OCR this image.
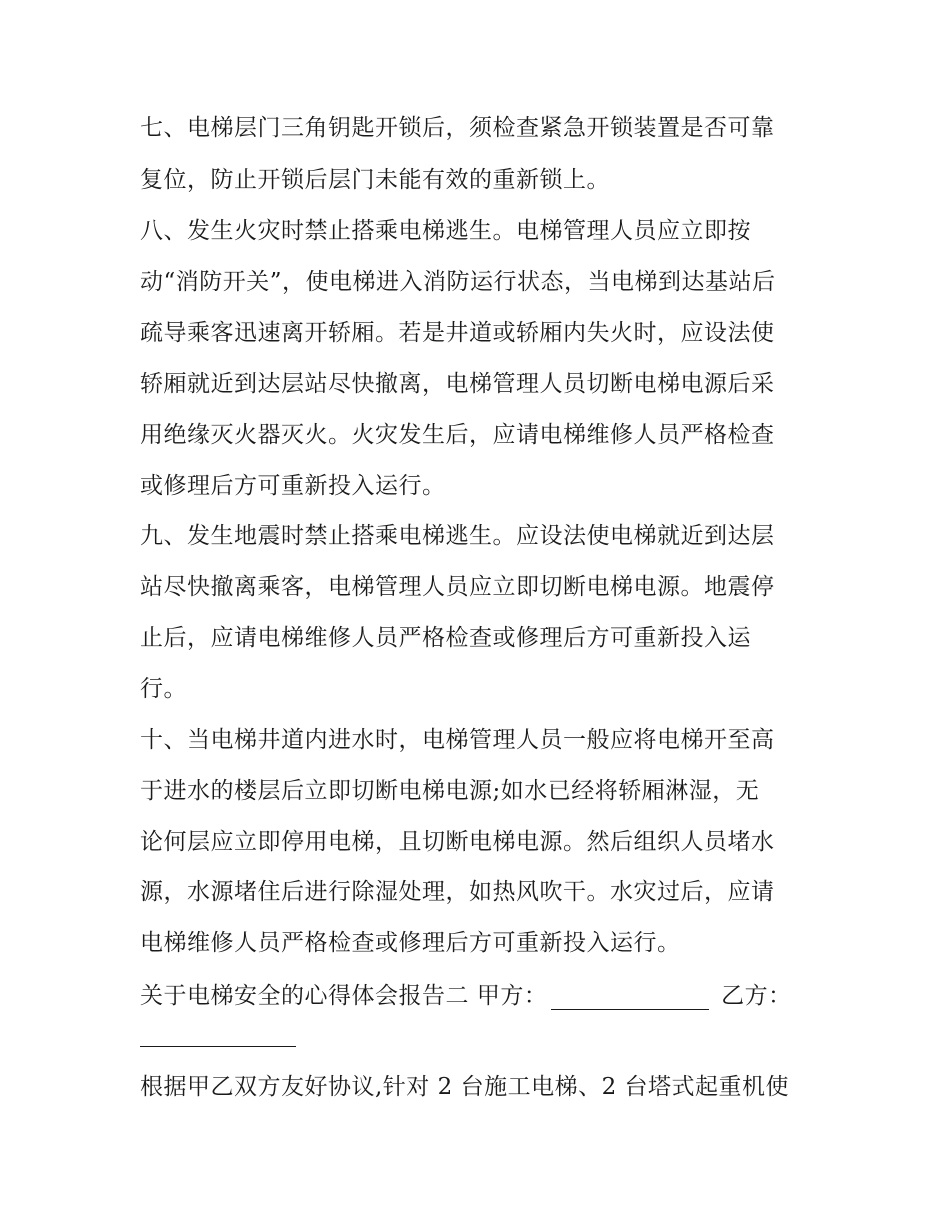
七、电梯层门三角钥匙开锁后，须检查紧急开锁装置是否可靠
复位，防止开锁后层门未能有效的重新锁上。
八、发生火灾时禁止搭乘电梯逃生。电梯管理人员应立即按
动“消防开关”，使电梯进入消防运行状态，当电梯到达基站后
疏导乘客迅速离开轿厢。若是井道或轿厢内失火时，应设法使
轿厢就近到达层站尽快撤离，电梯管理人员切断电梯电源后采
用绝缘灭火器灭火。火灾发生后，应请电梯维修人员严格检查
或修理后方可重新投入运行。
九、发生地震时禁止搭乘电梯逃生。应设法使电梯就近到达层
站尽快撤离乘客，电梯管理人员应立即切断电梯电源。地震停
止后，应请电梯维修人员严格检查或修理后方可重新投入运
行。
十、当电梯井道内进水时，电梯管理人员一般应将电梯开至高
于进水的楼层后立即切断电梯电源;如水已经将轿厢淋湿，无
论何层应立即停用电梯，且切断电梯电源。然后组织人员堵水
源，水源堵住后进行除湿处理，如热风吹干。水灾过后，应请
电梯维修人员严格检查或修理后方可重新投入运行。
关于电梯安全的心得体会报告二 甲方：	乙方：
根据甲乙双方友好协议,针对 2 台施工电梯、2 台塔式起重机使
